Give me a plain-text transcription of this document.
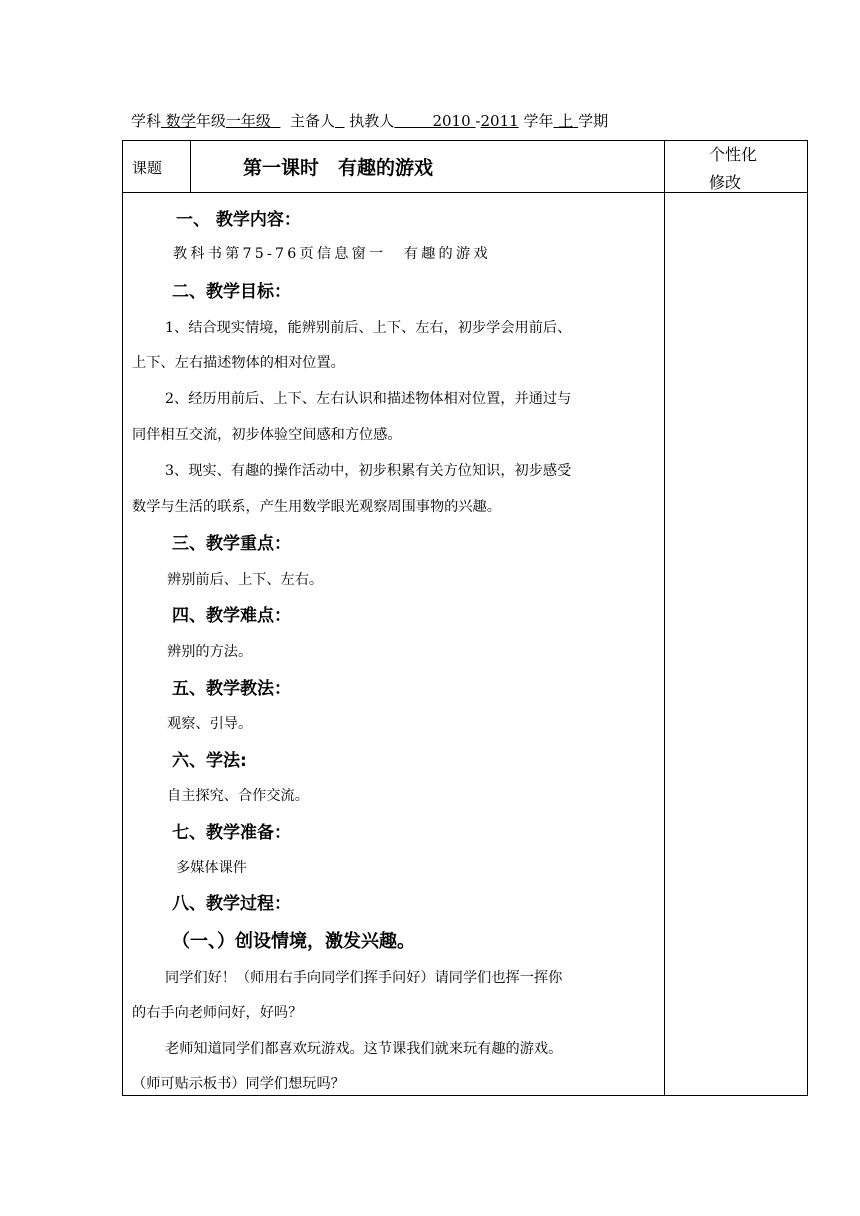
学科 数学年级一年级 主备人 执教人	2010 -2011 学年 上 学期
课题	第一课时　有趣的游戏
个性化
修改
一、 教学内容：
教科书第75-76页信息窗一　有趣的游戏
二、教学目标：
1、结合现实情境，能辨别前后、上下、左右，初步学会用前后、
上下、左右描述物体的相对位置。
2、经历用前后、上下、左右认识和描述物体相对位置，并通过与
同伴相互交流，初步体验空间感和方位感。
3、现实、有趣的操作活动中，初步积累有关方位知识，初步感受
数学与生活的联系，产生用数学眼光观察周围事物的兴趣。
三、教学重点：
辨别前后、上下、左右。
四、教学难点：
辨别的方法。
五、教学教法：
观察、引导。
六、学法:
自主探究、合作交流。
七、教学准备：
多媒体课件
八、教学过程：
（一、）创设情境，激发兴趣。
同学们好！（师用右手向同学们挥手问好）请同学们也挥一挥你
的右手向老师问好，好吗？
老师知道同学们都喜欢玩游戏。这节课我们就来玩有趣的游戏。
（师可贴示板书）同学们想玩吗？
